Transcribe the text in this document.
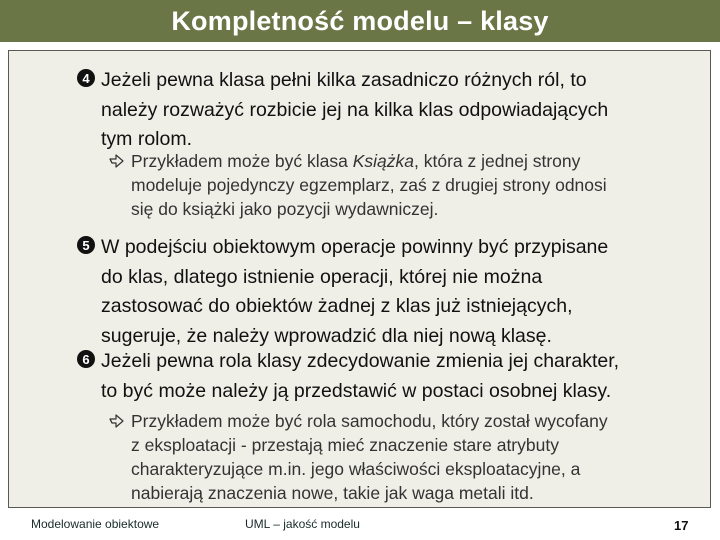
Kompletność modelu – klasy
4 Jeżeli pewna klasa pełni kilka zasadniczo różnych ról, to
należy rozważyć rozbicie jej na kilka klas odpowiadających
tym rolom.
Przykładem może być klasa Książka, która z jednej strony
modeluje pojedynczy egzemplarz, zaś z drugiej strony odnosi
się do książki jako pozycji wydawniczej.
5 W podejściu obiektowym operacje powinny być przypisane
do klas, dlatego istnienie operacji, której nie można
zastosować do obiektów żadnej z klas już istniejących,
sugeruje, że należy wprowadzić dla niej nową klasę.
6 Jeżeli pewna rola klasy zdecydowanie zmienia jej charakter,
to być może należy ją przedstawić w postaci osobnej klasy.
Przykładem może być rola samochodu, który został wycofany
z eksploatacji - przestają mieć znaczenie stare atrybuty
charakteryzujące m.in. jego właściwości eksploatacyjne, a
nabierają znaczenia nowe, takie jak waga metali itd.
Modelowanie obiektowe	UML – jakość modelu	17
